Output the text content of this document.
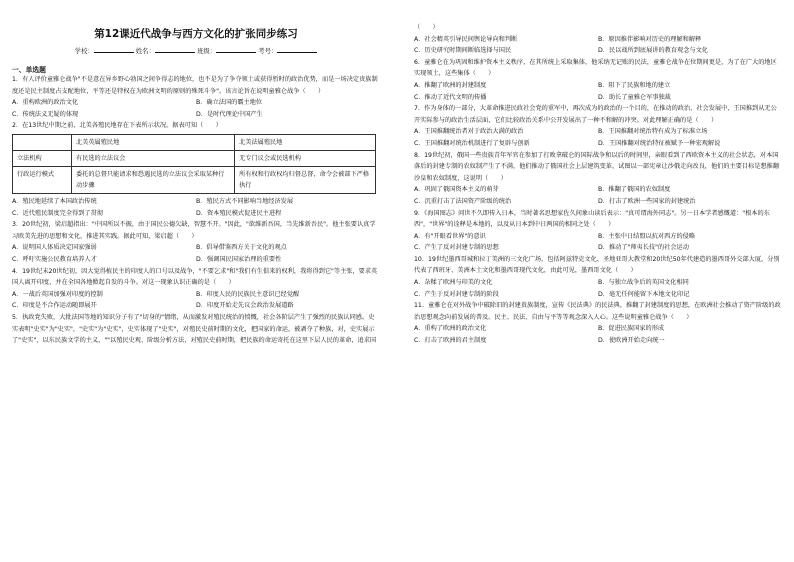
第12课近代战争与西方文化的扩张同步练习
学校：	姓名：	班级：	考号：
一、单选题
1．有人评价童雅仑战争"不是意在异乡野心勃国之间争得志的地位，也不是为了争夺领土或获得暂时的政治优势，而是一场决定贵族制度还是民主制度占支配地位，平等还是特权在为欧洲文明的原则的殊死斗争"。该言论旨在说明童雅仑战争（　　）
A．重构欧洲的政治文化	B．确立法国的霸主地位
C．传统法义无疑的体现	D．是时代理论中国产生
2．在13世纪中期之前，北美各殖民地存在下表所示状况。据表可知（　　）
	北美英属殖民地	北美法属殖民地
立法机构	有民选的立法议会	无专门议会或民选机构
行政运行模式	委托的总督只能请求和恐遇民选的立法议会采取某种行动步骤	所有权和行政权均归督总督，命令会被部下严格执行
A．殖民地延续了本国政治传统	B．殖民方式不同影响当地经济发展
C．近代殖民制度完全得到了贯彻	D．资本殖民模式促进民主进程
3．20世纪初，梁启超指出："中国所以不振，由于国民公德欠缺，智慧不开。"因此，"欲维新吾国，当先维新吾民"。他主张要认真学习欧美先进的思想和文化，推进其实践。据此可知，梁启超（　　）
A．说明国人体质决定国家强弱	B．倡导借鉴西方关于文化的观点
C．呼吁实施公民教育培养人才	D．强调国民国家治理的重要性
4．19世纪末20世纪初，因大觉得植民主的印度人的口号以及战争，"不要乞求"和"我们有生俱来的权利，我将得到它"等主张，要求英国人离开印度，并在全国各地掀起自发的斗争。对这一现象认识正确的是（　　）
A．一战后英国加强对印度的控制	B．印度人民的民族民主意识已经觉醒
C．印度是不合作运动随即展开	D．印度开始走先议会政治发展道路
5．执政党失败，大批法国等地的知识分子有了"切身的"情绪，从而激发对殖民统治的愤慨，社会各阶层产生了强烈的民族认同感。史实表明"史实"为"史实"，"史实"为"史实"，史实体现了"史实"，对殖民史前时期的文化，把国家的命运，被剥夺了种族，对，史实展示了"史实"，以东民族文学的主义，""以殖民史观、阶级分析方法，对殖民史前时期，把民族的命运寄托在这里下层人民的革命，追求国
（　　）
A．社会精英引导民间舆论导向和判断	B．原因推伴影响对历史的理解和解释
C．历史研究时期间断临选择与国民	D．民以战所到底展讲的教育观念与文化
6．童雅仑在为巩固和维护资本主义秩序，在其所统上采取集体，他采纳无记账的民法，童雅仑战争在位期间更是，为了在广大的地区实现领土，这些集体（　　）
A．推翻了欧洲的封建制度	B．阻下了民族和地的建立
C．推动了近代文明的传播	D．助长了童雅仑军事独裁
7．作为身体的一部分，大革命推进民政社会党的重军中，再次成为的政治的一个目的，在推动的政治、社会发展中，王国推到从无公开实际参与的政治生活层面，它们比较政治关系中公开发展出了一种不和解的冲突。对此理解正确的是（　　）
A．王国推翻统治者对于政治大满的政治	B．王国推翻对统治特有成为了标准立场
C．王国推翻对统治机制进行了复辟与创新	D．王国推翻对统治特征被赋予一种宏观解说
8．19世纪初，俄国一些贵族青年军官在参加了打败拿破仑的国际战争和以后的时间里，亲眼看到了西欧资本主义的社会状态，对本国落后的封建专制的农奴制产生了不满，他们推动了俄国社会上层建筑变革，试图以一部宪章让沙俄走向改良，他们的主要目标是想推翻沙皇和农奴制度，这说明（　　）
A．巩固了俄国资本主义的萌芽	B．推翻了俄国的农奴制度
C．沉重打击了法国资产阶级的统治	D．打击了欧洲一些国家的封建统治
9．《海国图志》问世不久即传入日本，当时著名思想家佐久间象山读后表示："真可谓海外同志"。另一日本学者感慨道："根本的东西"，"世界"的诠释是本地的，以及从日本到中日两国的相同之处（　　）
A．有"开眼看世界"的意识	B．主张中日结盟以抗对西方的侵略
C．产生了反对封建专制的思想	D．推动了"师夷长技"的社会运动
10．19世纪墨西哥城和拉丁美洲的三文化广场，包括阿兹特克文化、圣地亚哥大教堂和20世纪50年代建造的墨西哥外交部大厦，分别代表了西班牙、美洲本土文化和墨西哥现代文化，由此可见，墨西哥文化（　　）
A．杂糅了欧洲与印美的文化	B．与独立战争后的英国文化相同
C．产生于反对封建专制的阶段	D．毫无任何能留下本地文化印记
11．童雅仑在对外战争中破除旧的封建贵族制度，宣传《民法典》的民法典，推翻了封建制度的思想，在欧洲社会推动了资产阶级的政治思想观念向前发展的普及。民主、民法、自由与平等等观念深入人心。这些说明童雅仑战争（　　）
A．重构了欧洲的政治文化	B．促进民族国家的形成
C．打击了欧洲的君主制度	D．使欧洲开始走向统一
